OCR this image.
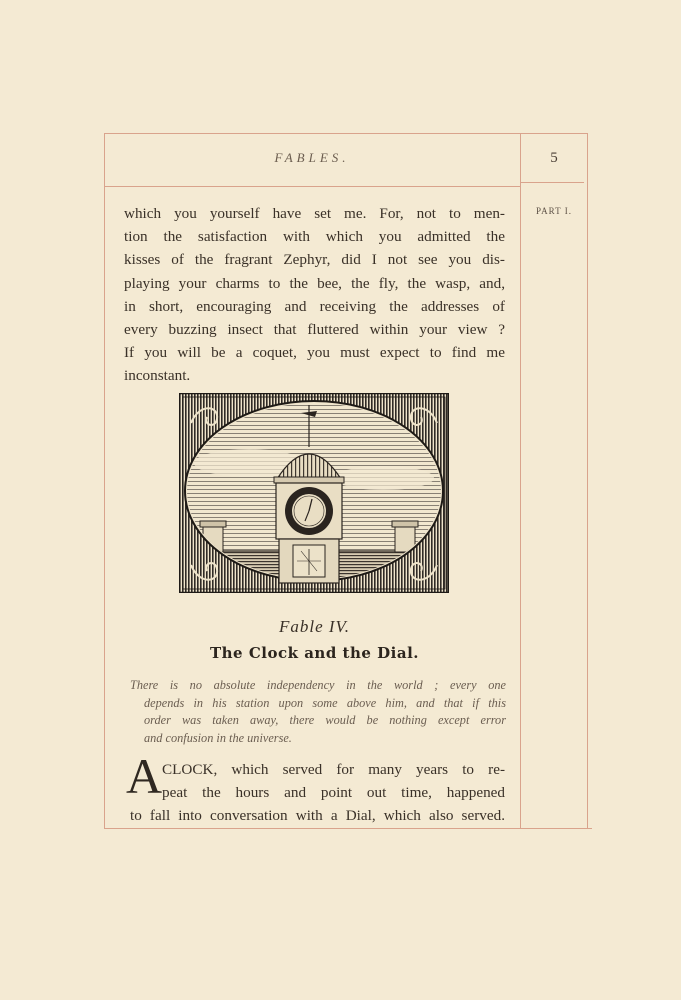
FABLES.	5
PART I.
which you yourself have set me. For, not to men-
tion the satisfaction with which you admitted the
kisses of the fragrant Zephyr, did I not see you dis-
playing your charms to the bee, the fly, the wasp, and,
in short, encouraging and receiving the addresses of
every buzzing insect that fluttered within your view ?
If you will be a coquet, you must expect to find me
inconstant.
Fable IV.
The Clock and the Dial.
There is no absolute independency in the world ; every one
depends in his station upon some above him, and that if this
order was taken away, there would be nothing except error
and confusion in the universe.
A CLOCK, which served for many years to re-
peat the hours and point out time, happened
to fall into conversation with a Dial, which also served.
